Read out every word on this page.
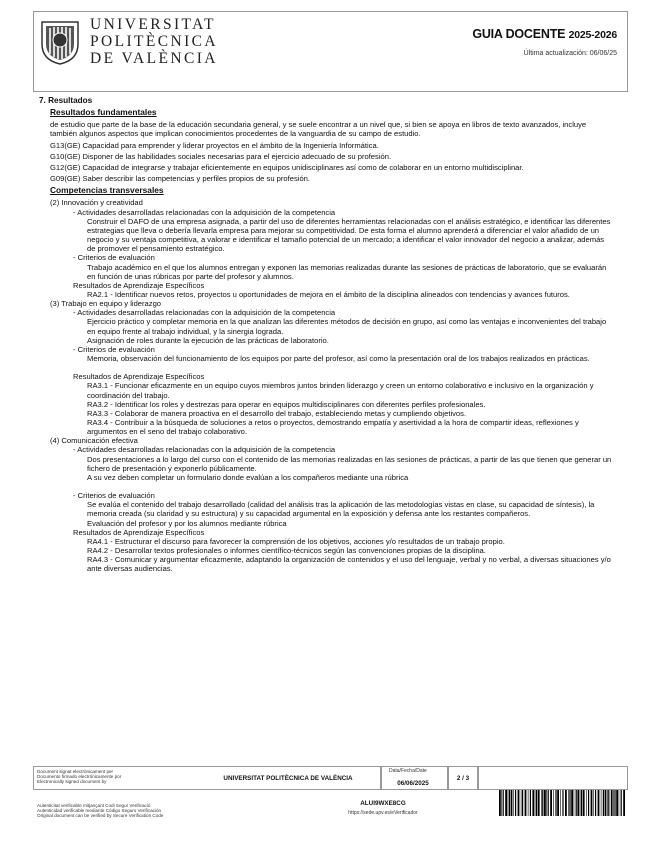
UNIVERSITAT
POLITÈCNICA
DE VALÈNCIA
GUIA DOCENTE 2025-2026
Última actualización: 06/06/25
7. Resultados
Resultados fundamentales
de estudio que parte de la base de la educación secundaria general, y se suele encontrar a un nivel que, si bien se apoya en libros de texto avanzados, incluye también algunos aspectos que implican conocimientos procedentes de la vanguardia de su campo de estudio.
G13(GE) Capacidad para emprender y liderar proyectos en el ámbito de la Ingeniería Informática.
G10(GE) Disponer de las habilidades sociales necesarias para el ejercicio adecuado de su profesión.
G12(GE) Capacidad de integrarse y trabajar eficientemente en equipos unidisciplinares así como de colaborar en un entorno multidisciplinar.
G09(GE) Saber describir las competencias y perfiles propios de su profesión.
Competencias transversales
(2) Innovación y creatividad
- Actividades desarrolladas relacionadas con la adquisición de la competencia
Construir el DAFO de una empresa asignada, a partir del uso de diferentes herramientas relacionadas con el análisis estratégico, e identificar las diferentes estrategias que lleva o debería llevarla empresa para mejorar su competitividad. De esta forma el alumno aprenderá a diferenciar el valor añadido de un negocio y su ventaja competitiva, a valorar e identificar el tamaño potencial de un mercado; a identificar el valor innovador del negocio a analizar, además de promover el pensamiento estratégico.
- Criterios de evaluación
Trabajo académico en el que los alumnos entregan y exponen las memorias realizadas durante las sesiones de prácticas de laboratorio, que se evaluarán en función de unas rúbricas por parte del profesor y alumnos.
Resultados de Aprendizaje Específicos
RA2.1 - Identificar nuevos retos, proyectos u oportunidades de mejora en el ámbito de la disciplina alineados con tendencias y avances futuros.
(3) Trabajo en equipo y liderazgo
- Actividades desarrolladas relacionadas con la adquisición de la competencia
Ejercicio práctico y completar memoria en la que analizan las diferentes métodos de decisión en grupo, así como las ventajas e inconvenientes del trabajo en equipo frente al trabajo individual, y la sinergia lograda.
Asignación de roles durante la ejecución de las prácticas de laboratorio.
- Criterios de evaluación
Memoria, observación del funcionamiento de los equipos por parte del profesor, así como la presentación oral de los trabajos realizados en prácticas.
Resultados de Aprendizaje Específicos
RA3.1 - Funcionar eficazmente en un equipo cuyos miembros juntos brinden liderazgo y creen un entorno colaborativo e inclusivo en la organización y coordinación del trabajo.
RA3.2 - Identificar los roles y destrezas para operar en equipos multidisciplinares con diferentes perfiles profesionales.
RA3.3 - Colaborar de manera proactiva en el desarrollo del trabajo, estableciendo metas y cumpliendo objetivos.
RA3.4 - Contribuir a la búsqueda de soluciones a retos o proyectos, demostrando empatía y asertividad a la hora de compartir ideas, reflexiones y argumentos en el seno del trabajo colaborativo.
(4) Comunicación efectiva
- Actividades desarrolladas relacionadas con la adquisición de la competencia
Dos presentaciones a lo largo del curso con el contenido de las memorias realizadas en las sesiones de prácticas, a partir de las que tienen que generar un fichero de presentación y exponerlo públicamente.
A su vez deben completar un formulario donde evalúan a los compañeros mediante una rúbrica
- Criterios de evaluación
Se evalúa el contenido del trabajo desarrollado (calidad del análisis tras la aplicación de las metodologías vistas en clase, su capacidad de síntesis), la memoria creada (su claridad y su estructura) y su capacidad argumental en la exposición y defensa ante los restantes compañeros.
Evaluación del profesor y por los alumnos mediante rúbrica
Resultados de Aprendizaje Específicos
RA4.1 - Estructurar el discurso para favorecer la comprensión de los objetivos, acciones y/o resultados de un trabajo propio.
RA4.2 - Desarrollar textos profesionales o informes científico-técnicos según las convenciones propias de la disciplina.
RA4.3 - Comunicar y argumentar eficazmente, adaptando la organización de contenidos y el uso del lenguaje, verbal y no verbal, a diversas situaciones y/o ante diversas audiencias.
Document signat electrònicament per
Documento firmado electrónicamente por
Electronically signed document by	UNIVERSITAT POLITÈCNICA DE VALÈNCIA
Data/Fecha/Date
06/06/2025
2 / 3
Autenticitat verificable mitjançant Codi Segur Verificació
Autenticidad verificable mediante Código Seguro Verificación
Original document can be verified by Secure Verification Code
ALUI9WXE8CG
https://sede.upv.es/eVerificador
